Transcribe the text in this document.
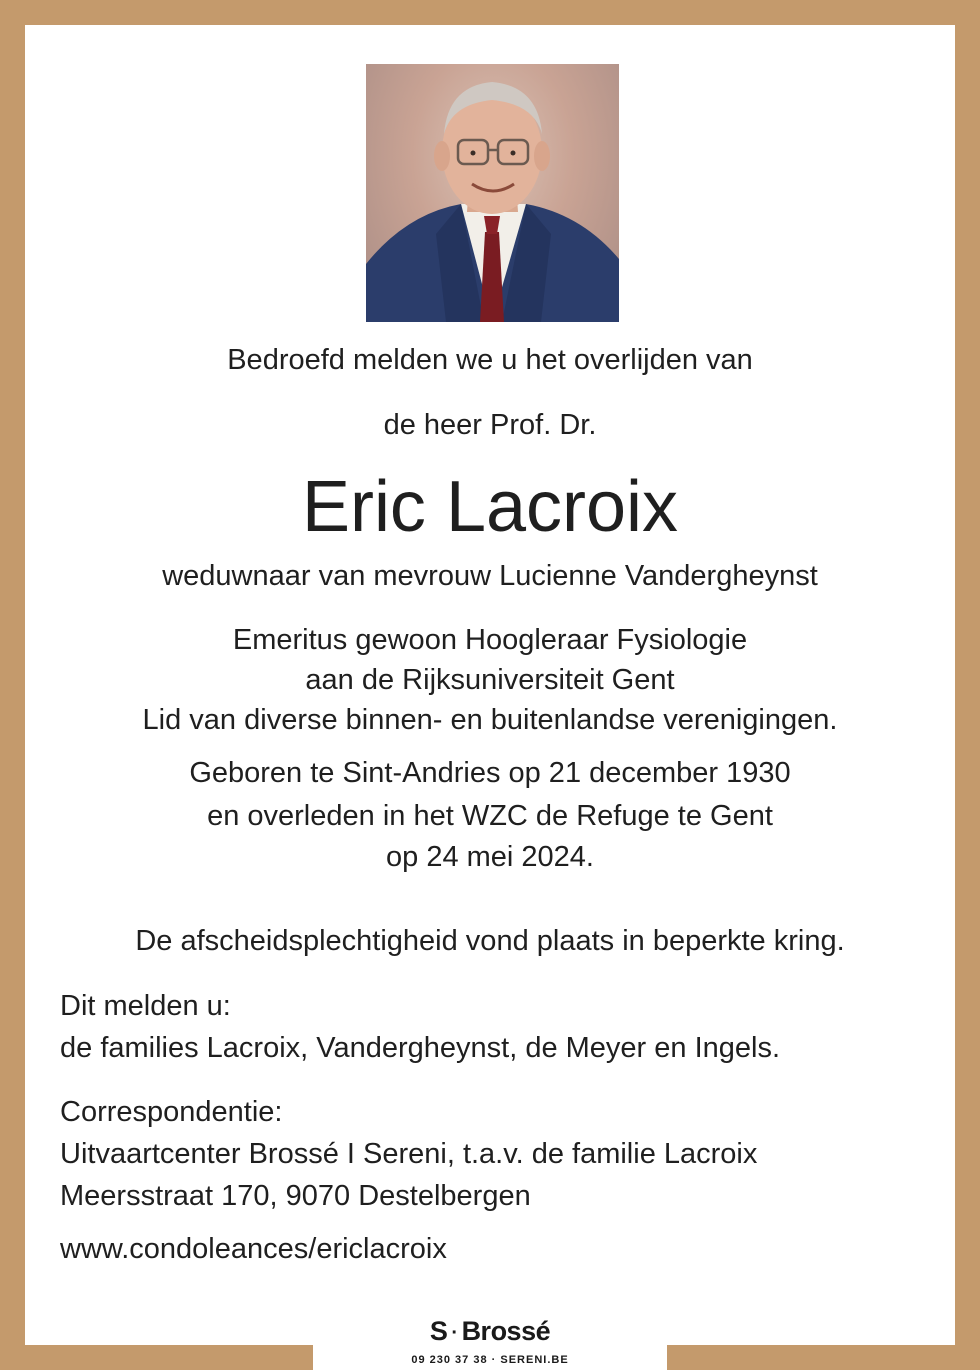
Bedroefd melden we u het overlijden van
de heer Prof. Dr.
Eric Lacroix
weduwnaar van mevrouw Lucienne Vandergheynst
Emeritus gewoon Hoogleraar Fysiologie
aan de Rijksuniversiteit Gent
Lid van diverse binnen- en buitenlandse verenigingen.
Geboren te Sint-Andries op 21 december 1930
en overleden in het WZC de Refuge te Gent
op 24 mei 2024.
De afscheidsplechtigheid vond plaats in beperkte kring.
Dit melden u:
de families Lacroix, Vandergheynst, de Meyer en Ingels.
Correspondentie:
Uitvaartcenter Brossé I Sereni, t.a.v. de familie Lacroix
Meersstraat 170, 9070 Destelbergen
www.condoleances/ericlacroix
S · Brossé
09 230 37 38 · SERENI.BE
